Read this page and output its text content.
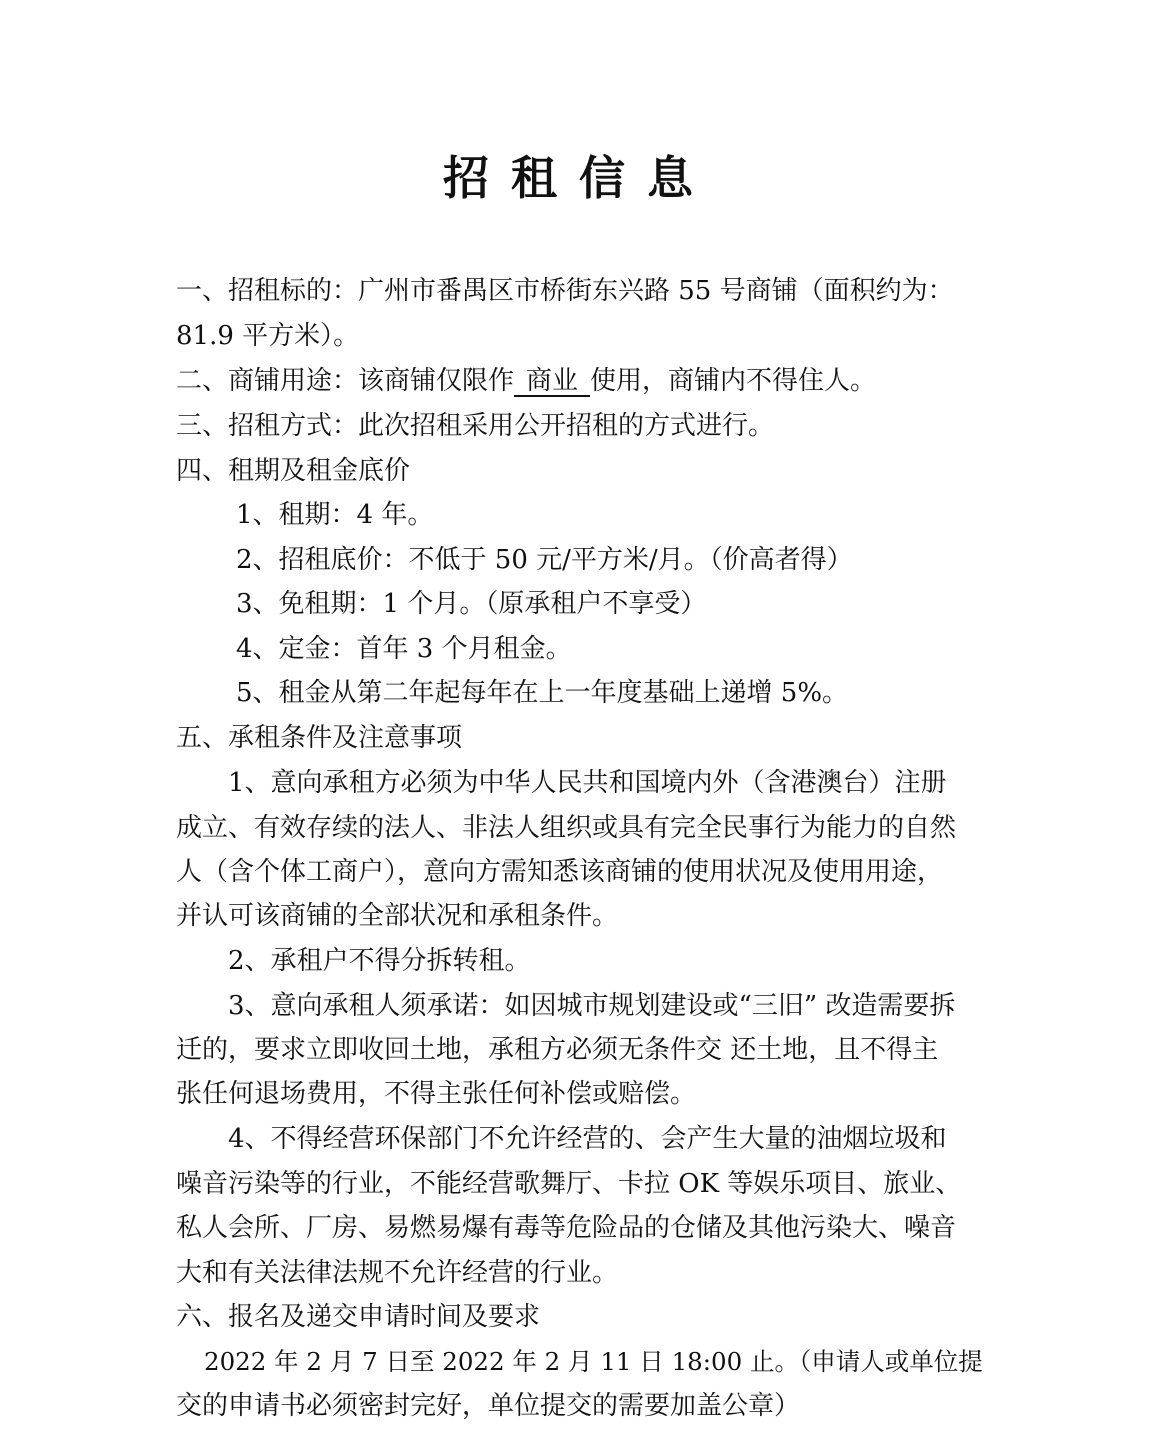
招租信息
一、招租标的：广州市番禺区市桥街东兴路 55 号商铺（面积约为：
81.9 平方米）。
二、商铺用途：该商铺仅限作 商业 使用，商铺内不得住人。
三、招租方式：此次招租采用公开招租的方式进行。
四、租期及租金底价
1、租期：4 年。
2、招租底价：不低于 50 元/平方米/月。（价高者得）
3、免租期：1 个月。（原承租户不享受）
4、定金：首年 3 个月租金。
5、租金从第二年起每年在上一年度基础上递增 5%。
五、承租条件及注意事项
1、意向承租方必须为中华人民共和国境内外（含港澳台）注册
成立、有效存续的法人、非法人组织或具有完全民事行为能力的自然
人（含个体工商户），意向方需知悉该商铺的使用状况及使用用途，
并认可该商铺的全部状况和承租条件。
2、承租户不得分拆转租。
3、意向承租人须承诺：如因城市规划建设或“三旧” 改造需要拆
迁的，要求立即收回土地，承租方必须无条件交 还土地，且不得主
张任何退场费用，不得主张任何补偿或赔偿。
4、不得经营环保部门不允许经营的、会产生大量的油烟垃圾和
噪音污染等的行业，不能经营歌舞厅、卡拉 OK 等娱乐项目、旅业、
私人会所、厂房、易燃易爆有毒等危险品的仓储及其他污染大、噪音
大和有关法律法规不允许经营的行业。
六、报名及递交申请时间及要求
2022 年 2 月 7 日至 2022 年 2 月 11 日 18:00 止。（申请人或单位提
交的申请书必须密封完好，单位提交的需要加盖公章）
